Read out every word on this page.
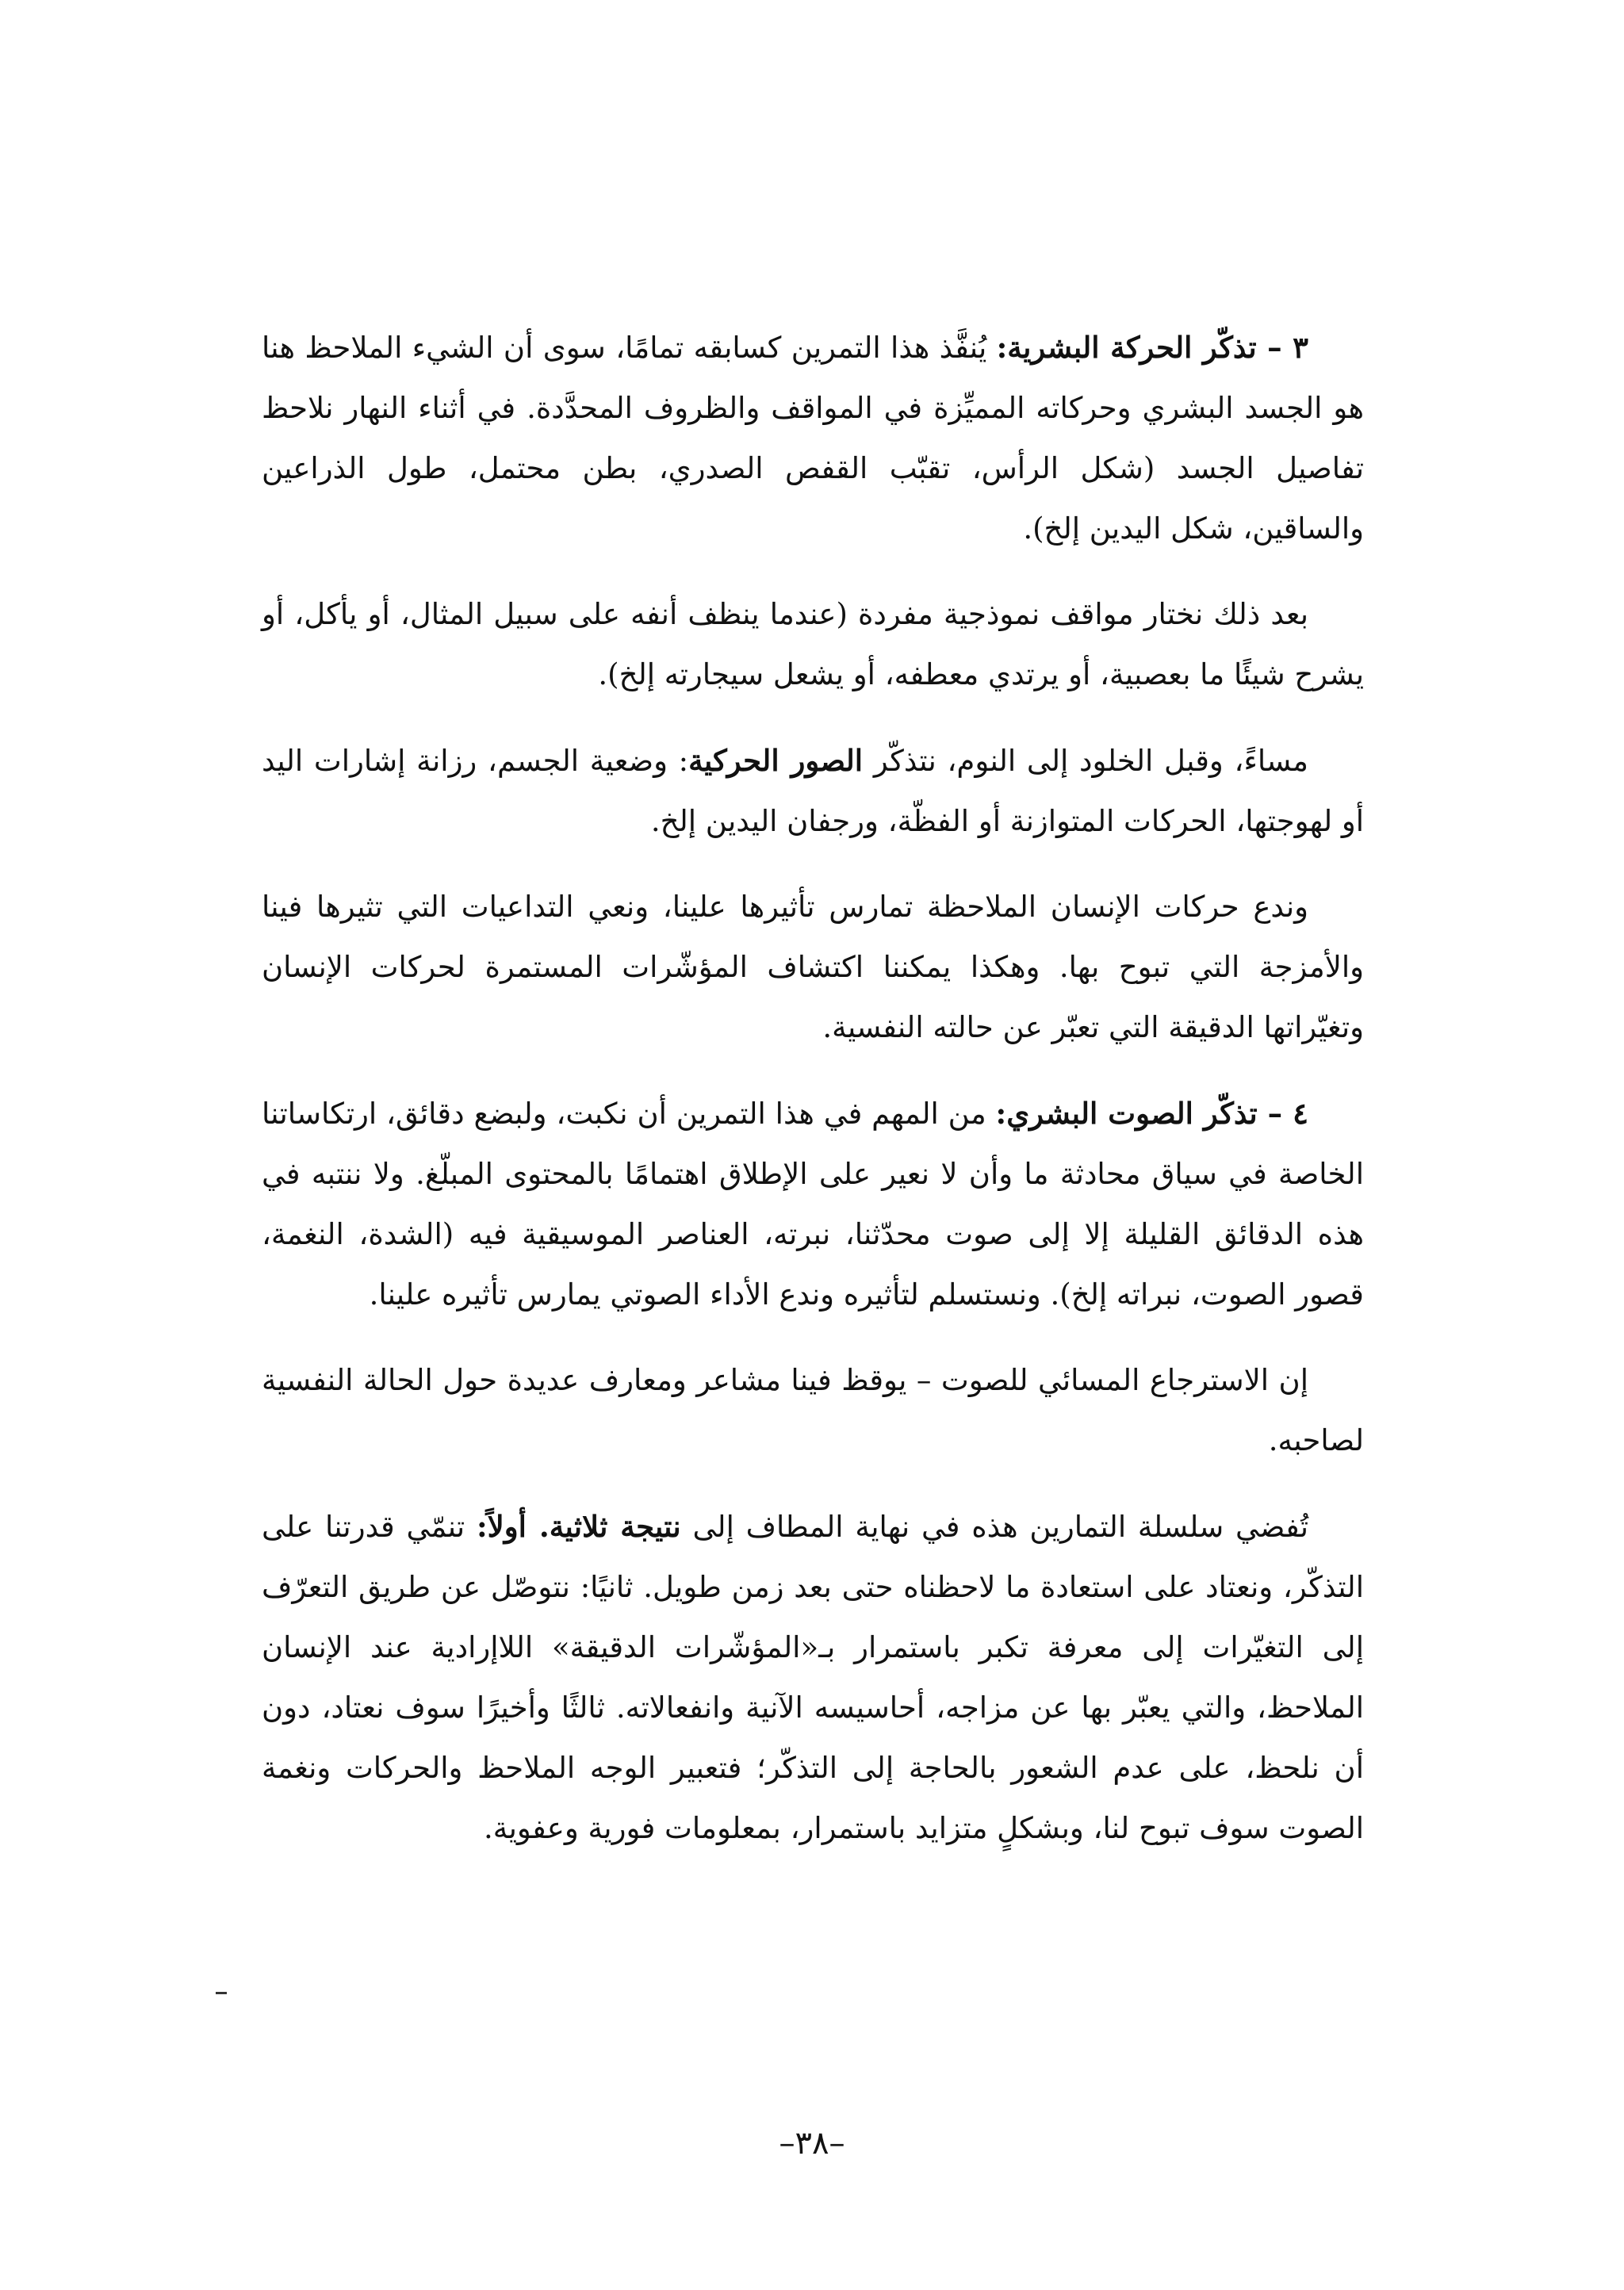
٣ – تذكّر الحركة البشرية: يُنفَّذ هذا التمرين كسابقه تمامًا، سوى أن الشيء الملاحظ هنا هو الجسد البشري وحركاته المميِّزة في المواقف والظروف المحدَّدة. في أثناء النهار نلاحظ تفاصيل الجسد (شكل الرأس، تقبّب القفص الصدري، بطن محتمل، طول الذراعين والساقين، شكل اليدين إلخ).

بعد ذلك نختار مواقف نموذجية مفردة (عندما ينظف أنفه على سبيل المثال، أو يأكل، أو يشرح شيئًا ما بعصبية، أو يرتدي معطفه، أو يشعل سيجارته إلخ).

مساءً، وقبل الخلود إلى النوم، نتذكّر الصور الحركية: وضعية الجسم، رزانة إشارات اليد أو لهوجتها، الحركات المتوازنة أو الفظّة، ورجفان اليدين إلخ.

وندع حركات الإنسان الملاحظة تمارس تأثيرها علينا، ونعي التداعيات التي تثيرها فينا والأمزجة التي تبوح بها. وهكذا يمكننا اكتشاف المؤشّرات المستمرة لحركات الإنسان وتغيّراتها الدقيقة التي تعبّر عن حالته النفسية.

٤ – تذكّر الصوت البشري: من المهم في هذا التمرين أن نكبت، ولبضع دقائق، ارتكاساتنا الخاصة في سياق محادثة ما وأن لا نعير على الإطلاق اهتمامًا بالمحتوى المبلّغ. ولا ننتبه في هذه الدقائق القليلة إلا إلى صوت محدّثنا، نبرته، العناصر الموسيقية فيه (الشدة، النغمة، قصور الصوت، نبراته إلخ). ونستسلم لتأثيره وندع الأداء الصوتي يمارس تأثيره علينا.

إن الاسترجاع المسائي للصوت – يوقظ فينا مشاعر ومعارف عديدة حول الحالة النفسية لصاحبه.

تُفضي سلسلة التمارين هذه في نهاية المطاف إلى نتيجة ثلاثية. أولاً: تنمّي قدرتنا على التذكّر، ونعتاد على استعادة ما لاحظناه حتى بعد زمن طويل. ثانيًا: نتوصّل عن طريق التعرّف إلى التغيّرات إلى معرفة تكبر باستمرار بـ«المؤشّرات الدقيقة» اللاإرادية عند الإنسان الملاحظ، والتي يعبّر بها عن مزاجه، أحاسيسه الآنية وانفعالاته. ثالثًا وأخيرًا سوف نعتاد، دون أن نلحظ، على عدم الشعور بالحاجة إلى التذكّر؛ فتعبير الوجه الملاحظ والحركات ونغمة الصوت سوف تبوح لنا، وبشكلٍ متزايد باستمرار، بمعلومات فورية وعفوية.

–٣٨–
